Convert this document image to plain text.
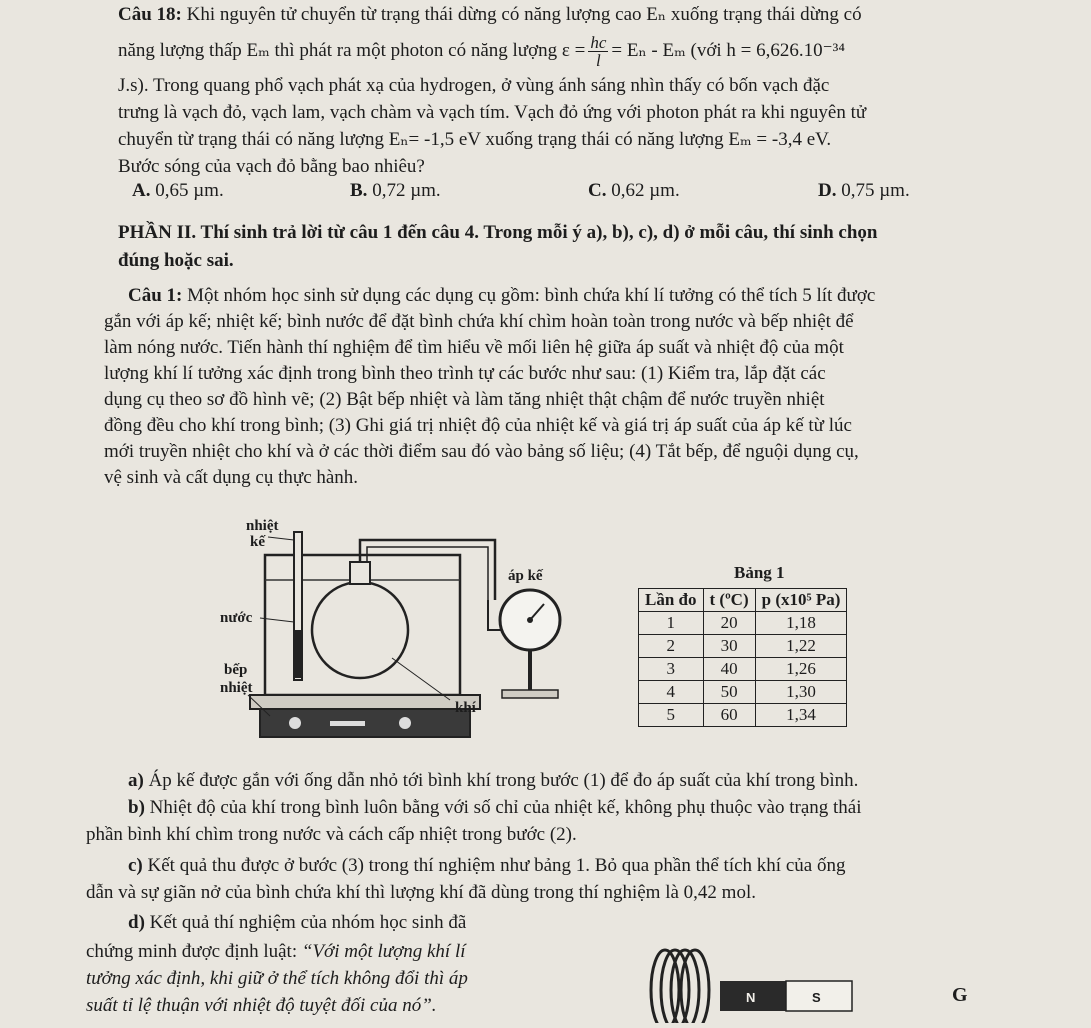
Câu 18: Khi nguyên tử chuyển từ trạng thái dừng có năng lượng cao Eₙ xuống trạng thái dừng có
năng lượng thấp Eₘ thì phát ra một photon có năng lượng $\varepsilon = \frac{hc}{l} = E_n - E_m$ (với h = 6,626.10⁻³⁴
J.s). Trong quang phổ vạch phát xạ của hydrogen, ở vùng ánh sáng nhìn thấy có bốn vạch đặc
trưng là vạch đỏ, vạch lam, vạch chàm và vạch tím. Vạch đỏ ứng với photon phát ra khi nguyên tử
chuyển từ trạng thái có năng lượng Eₙ= -1,5 eV xuống trạng thái có năng lượng Eₘ = -3,4 eV.
Bước sóng của vạch đỏ bằng bao nhiêu?
A. 0,65 µm.	B. 0,72 µm.	C. 0,62 µm.	D. 0,75 µm.
PHẦN II. Thí sinh trả lời từ câu 1 đến câu 4. Trong mỗi ý a), b), c), d) ở mỗi câu, thí sinh chọn
đúng hoặc sai.
Câu 1: Một nhóm học sinh sử dụng các dụng cụ gồm: bình chứa khí lí tưởng có thể tích 5 lít được
gắn với áp kế; nhiệt kế; bình nước để đặt bình chứa khí chìm hoàn toàn trong nước và bếp nhiệt để
làm nóng nước. Tiến hành thí nghiệm để tìm hiểu về mối liên hệ giữa áp suất và nhiệt độ của một
lượng khí lí tưởng xác định trong bình theo trình tự các bước như sau: (1) Kiểm tra, lắp đặt các
dụng cụ theo sơ đồ hình vẽ; (2) Bật bếp nhiệt và làm tăng nhiệt thật chậm để nước truyền nhiệt
đồng đều cho khí trong bình; (3) Ghi giá trị nhiệt độ của nhiệt kế và giá trị áp suất của áp kế từ lúc
mới truyền nhiệt cho khí và ở các thời điểm sau đó vào bảng số liệu; (4) Tắt bếp, để nguội dụng cụ,
vệ sinh và cất dụng cụ thực hành.
nhiệt
kế
áp kế
nước
bếp
nhiệt
khí
Bảng 1
Lần đo	t (ºC)	p (x10⁵ Pa)
1	20	1,18
2	30	1,22
3	40	1,26
4	50	1,30
5	60	1,34
a) Áp kế được gắn với ống dẫn nhỏ tới bình khí trong bước (1) để đo áp suất của khí trong bình.
b) Nhiệt độ của khí trong bình luôn bằng với số chỉ của nhiệt kế, không phụ thuộc vào trạng thái
phần bình khí chìm trong nước và cách cấp nhiệt trong bước (2).
c) Kết quả thu được ở bước (3) trong thí nghiệm như bảng 1. Bỏ qua phần thể tích khí của ống
dẫn và sự giãn nở của bình chứa khí thì lượng khí đã dùng trong thí nghiệm là 0,42 mol.
d) Kết quả thí nghiệm của nhóm học sinh đã
chứng minh được định luật: “Với một lượng khí lí
tưởng xác định, khi giữ ở thể tích không đổi thì áp
suất tỉ lệ thuận với nhiệt độ tuyệt đối của nó”.	N	S	G
